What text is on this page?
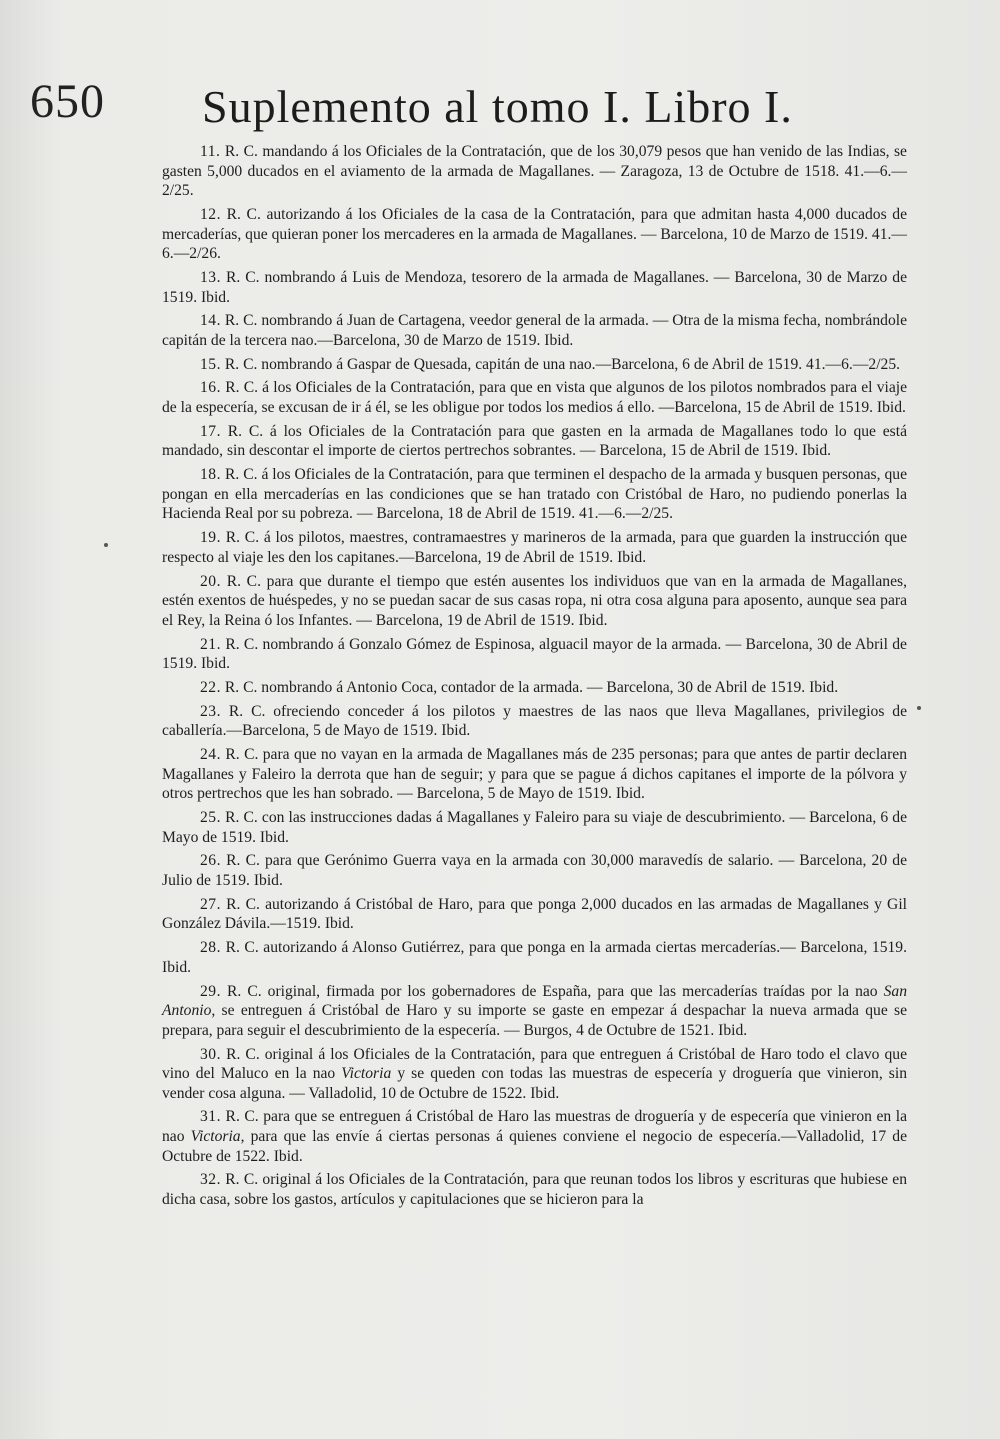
650 Suplemento al tomo I. Libro I.

11. R. C. mandando á los Oficiales de la Contratación, que de los 30,079 pesos que han venido de las Indias, se gasten 5,000 ducados en el aviamento de la armada de Magallanes. — Zaragoza, 13 de Octubre de 1518. 41.—6.—2/25.

12. R. C. autorizando á los Oficiales de la casa de la Contratación, para que admitan hasta 4,000 ducados de mercaderías, que quieran poner los mercaderes en la armada de Magallanes. — Barcelona, 10 de Marzo de 1519. 41.—6.—2/26.

13. R. C. nombrando á Luis de Mendoza, tesorero de la armada de Magallanes. — Barcelona, 30 de Marzo de 1519. Ibid.

14. R. C. nombrando á Juan de Cartagena, veedor general de la armada. — Otra de la misma fecha, nombrándole capitán de la tercera nao.—Barcelona, 30 de Marzo de 1519. Ibid.

15. R. C. nombrando á Gaspar de Quesada, capitán de una nao.—Barcelona, 6 de Abril de 1519. 41.—6.—2/25.

16. R. C. á los Oficiales de la Contratación, para que en vista que algunos de los pilotos nombrados para el viaje de la especería, se excusan de ir á él, se les obligue por todos los medios á ello. —Barcelona, 15 de Abril de 1519. Ibid.

17. R. C. á los Oficiales de la Contratación para que gasten en la armada de Magallanes todo lo que está mandado, sin descontar el importe de ciertos pertrechos sobrantes. — Barcelona, 15 de Abril de 1519. Ibid.

18. R. C. á los Oficiales de la Contratación, para que terminen el despacho de la armada y busquen personas, que pongan en ella mercaderías en las condiciones que se han tratado con Cristóbal de Haro, no pudiendo ponerlas la Hacienda Real por su pobreza. — Barcelona, 18 de Abril de 1519. 41.—6.—2/25.

19. R. C. á los pilotos, maestres, contramaestres y marineros de la armada, para que guarden la instrucción que respecto al viaje les den los capitanes.—Barcelona, 19 de Abril de 1519. Ibid.

20. R. C. para que durante el tiempo que estén ausentes los individuos que van en la armada de Magallanes, estén exentos de huéspedes, y no se puedan sacar de sus casas ropa, ni otra cosa alguna para aposento, aunque sea para el Rey, la Reina ó los Infantes. — Barcelona, 19 de Abril de 1519. Ibid.

21. R. C. nombrando á Gonzalo Gómez de Espinosa, alguacil mayor de la armada. — Barcelona, 30 de Abril de 1519. Ibid.

22. R. C. nombrando á Antonio Coca, contador de la armada. — Barcelona, 30 de Abril de 1519. Ibid.

23. R. C. ofreciendo conceder á los pilotos y maestres de las naos que lleva Magallanes, privilegios de caballería.—Barcelona, 5 de Mayo de 1519. Ibid.

24. R. C. para que no vayan en la armada de Magallanes más de 235 personas; para que antes de partir declaren Magallanes y Faleiro la derrota que han de seguir; y para que se pague á dichos capitanes el importe de la pólvora y otros pertrechos que les han sobrado. — Barcelona, 5 de Mayo de 1519. Ibid.

25. R. C. con las instrucciones dadas á Magallanes y Faleiro para su viaje de descubrimiento. — Barcelona, 6 de Mayo de 1519. Ibid.

26. R. C. para que Gerónimo Guerra vaya en la armada con 30,000 maravedís de salario. — Barcelona, 20 de Julio de 1519. Ibid.

27. R. C. autorizando á Cristóbal de Haro, para que ponga 2,000 ducados en las armadas de Magallanes y Gil González Dávila.—1519. Ibid.

28. R. C. autorizando á Alonso Gutiérrez, para que ponga en la armada ciertas mercaderías.— Barcelona, 1519. Ibid.

29. R. C. original, firmada por los gobernadores de España, para que las mercaderías traídas por la nao San Antonio, se entreguen á Cristóbal de Haro y su importe se gaste en empezar á despachar la nueva armada que se prepara, para seguir el descubrimiento de la especería. — Burgos, 4 de Octubre de 1521. Ibid.

30. R. C. original á los Oficiales de la Contratación, para que entreguen á Cristóbal de Haro todo el clavo que vino del Maluco en la nao Victoria y se queden con todas las muestras de especería y droguería que vinieron, sin vender cosa alguna. — Valladolid, 10 de Octubre de 1522. Ibid.

31. R. C. para que se entreguen á Cristóbal de Haro las muestras de droguería y de especería que vinieron en la nao Victoria, para que las envíe á ciertas personas á quienes conviene el negocio de especería.—Valladolid, 17 de Octubre de 1522. Ibid.

32. R. C. original á los Oficiales de la Contratación, para que reunan todos los libros y escrituras que hubiese en dicha casa, sobre los gastos, artículos y capitulaciones que se hicieron para la
